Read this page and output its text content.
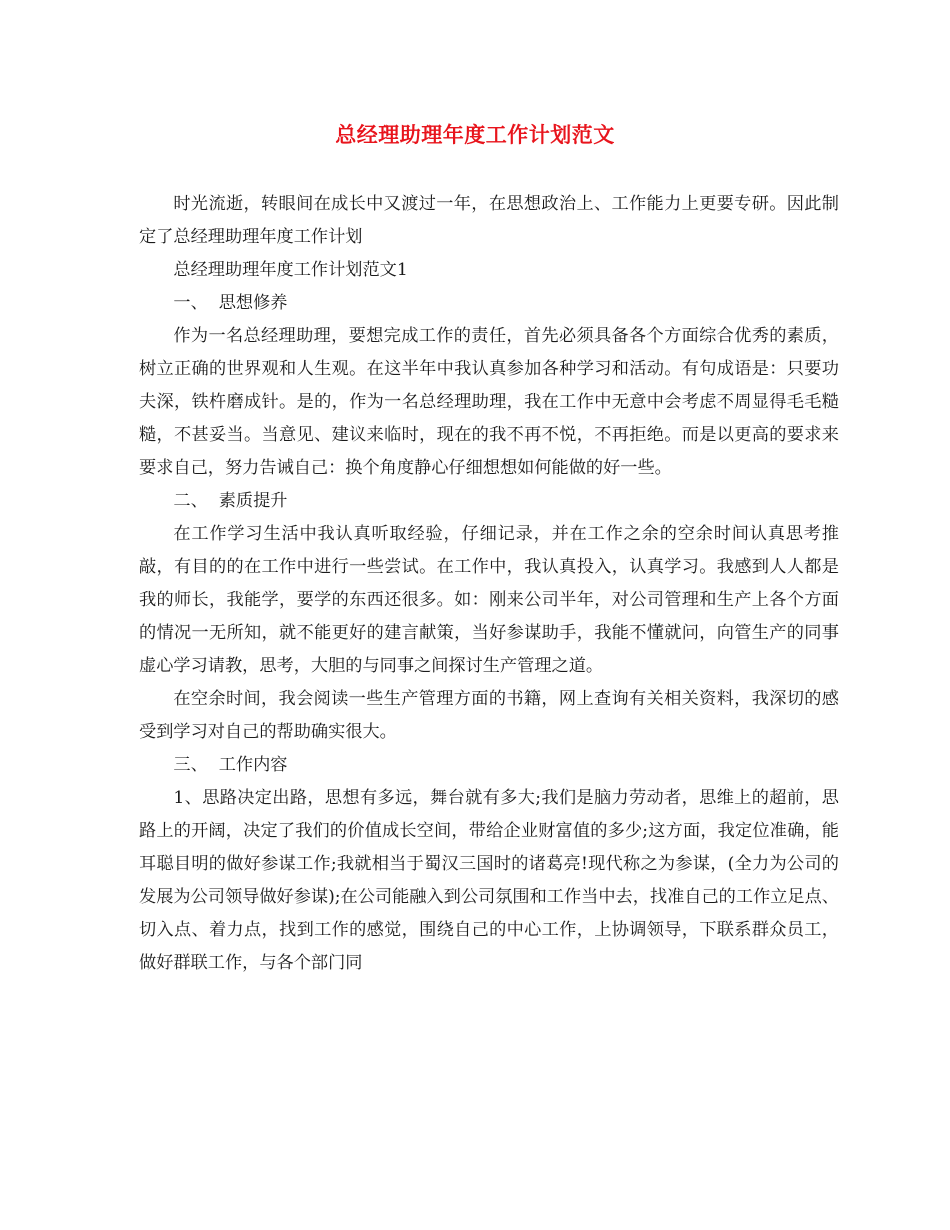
总经理助理年度工作计划范文

时光流逝，转眼间在成长中又渡过一年，在思想政治上、工作能力上更要专研。因此制定了总经理助理年度工作计划

总经理助理年度工作计划范文1

一、  思想修养

作为一名总经理助理，要想完成工作的责任，首先必须具备各个方面综合优秀的素质，树立正确的世界观和人生观。在这半年中我认真参加各种学习和活动。有句成语是：只要功夫深，铁杵磨成针。是的，作为一名总经理助理，我在工作中无意中会考虑不周显得毛毛糙糙，不甚妥当。当意见、建议来临时，现在的我不再不悦，不再拒绝。而是以更高的要求来要求自己，努力告诫自己：换个角度静心仔细想想如何能做的好一些。

二、  素质提升

在工作学习生活中我认真听取经验，仔细记录，并在工作之余的空余时间认真思考推敲，有目的的在工作中进行一些尝试。在工作中，我认真投入，认真学习。我感到人人都是我的师长，我能学，要学的东西还很多。如：刚来公司半年，对公司管理和生产上各个方面的情况一无所知，就不能更好的建言献策，当好参谋助手，我能不懂就问，向管生产的同事虚心学习请教，思考，大胆的与同事之间探讨生产管理之道。

在空余时间，我会阅读一些生产管理方面的书籍，网上查询有关相关资料，我深切的感受到学习对自己的帮助确实很大。

三、  工作内容

1、思路决定出路，思想有多远，舞台就有多大;我们是脑力劳动者，思维上的超前，思路上的开阔，决定了我们的价值成长空间，带给企业财富值的多少;这方面，我定位准确，能耳聪目明的做好参谋工作;我就相当于蜀汉三国时的诸葛亮!现代称之为参谋，(全力为公司的发展为公司领导做好参谋);在公司能融入到公司氛围和工作当中去，找准自己的工作立足点、切入点、着力点，找到工作的感觉，围绕自己的中心工作，上协调领导，下联系群众员工，做好群联工作，与各个部门同
